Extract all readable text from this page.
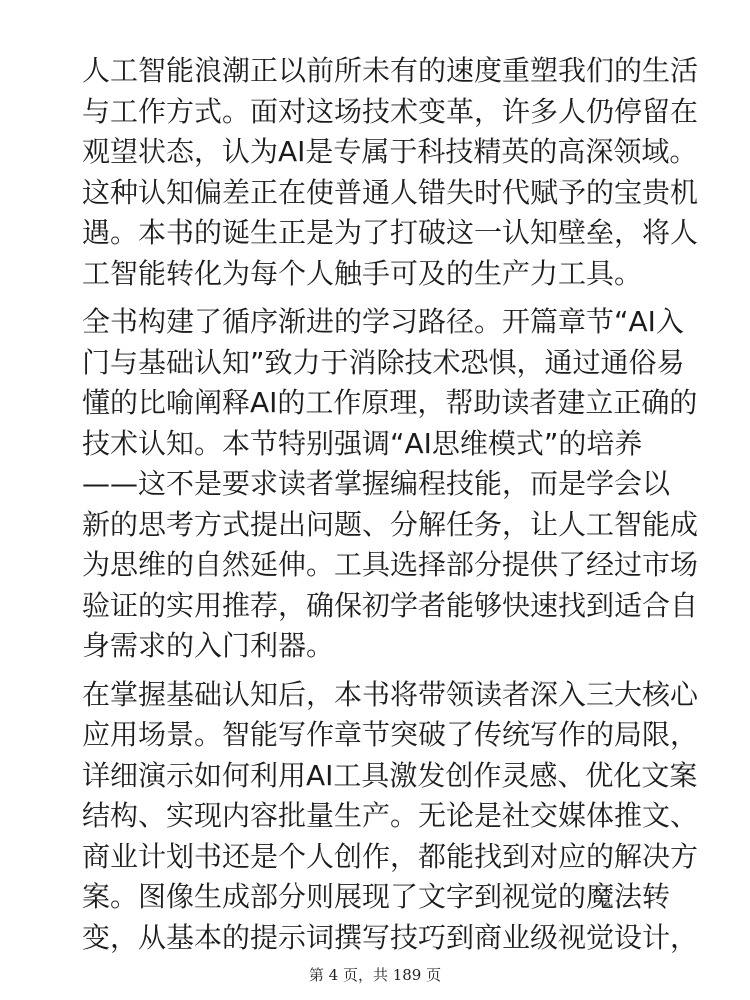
人工智能浪潮正以前所未有的速度重塑我们的生活
与工作方式。面对这场技术变革，许多人仍停留在
观望状态，认为AI是专属于科技精英的高深领域。
这种认知偏差正在使普通人错失时代赋予的宝贵机
遇。本书的诞生正是为了打破这一认知壁垒，将人
工智能转化为每个人触手可及的生产力工具。
全书构建了循序渐进的学习路径。开篇章节“AI入
门与基础认知”致力于消除技术恐惧，通过通俗易
懂的比喻阐释AI的工作原理，帮助读者建立正确的
技术认知。本节特别强调“AI思维模式”的培养
——这不是要求读者掌握编程技能，而是学会以
新的思考方式提出问题、分解任务，让人工智能成
为思维的自然延伸。工具选择部分提供了经过市场
验证的实用推荐，确保初学者能够快速找到适合自
身需求的入门利器。
在掌握基础认知后，本书将带领读者深入三大核心
应用场景。智能写作章节突破了传统写作的局限，
详细演示如何利用AI工具激发创作灵感、优化文案
结构、实现内容批量生产。无论是社交媒体推文、
商业计划书还是个人创作，都能找到对应的解决方
案。图像生成部分则展现了文字到视觉的魔法转
变，从基本的提示词撰写技巧到商业级视觉设计，
第 4 页，共 189 页
